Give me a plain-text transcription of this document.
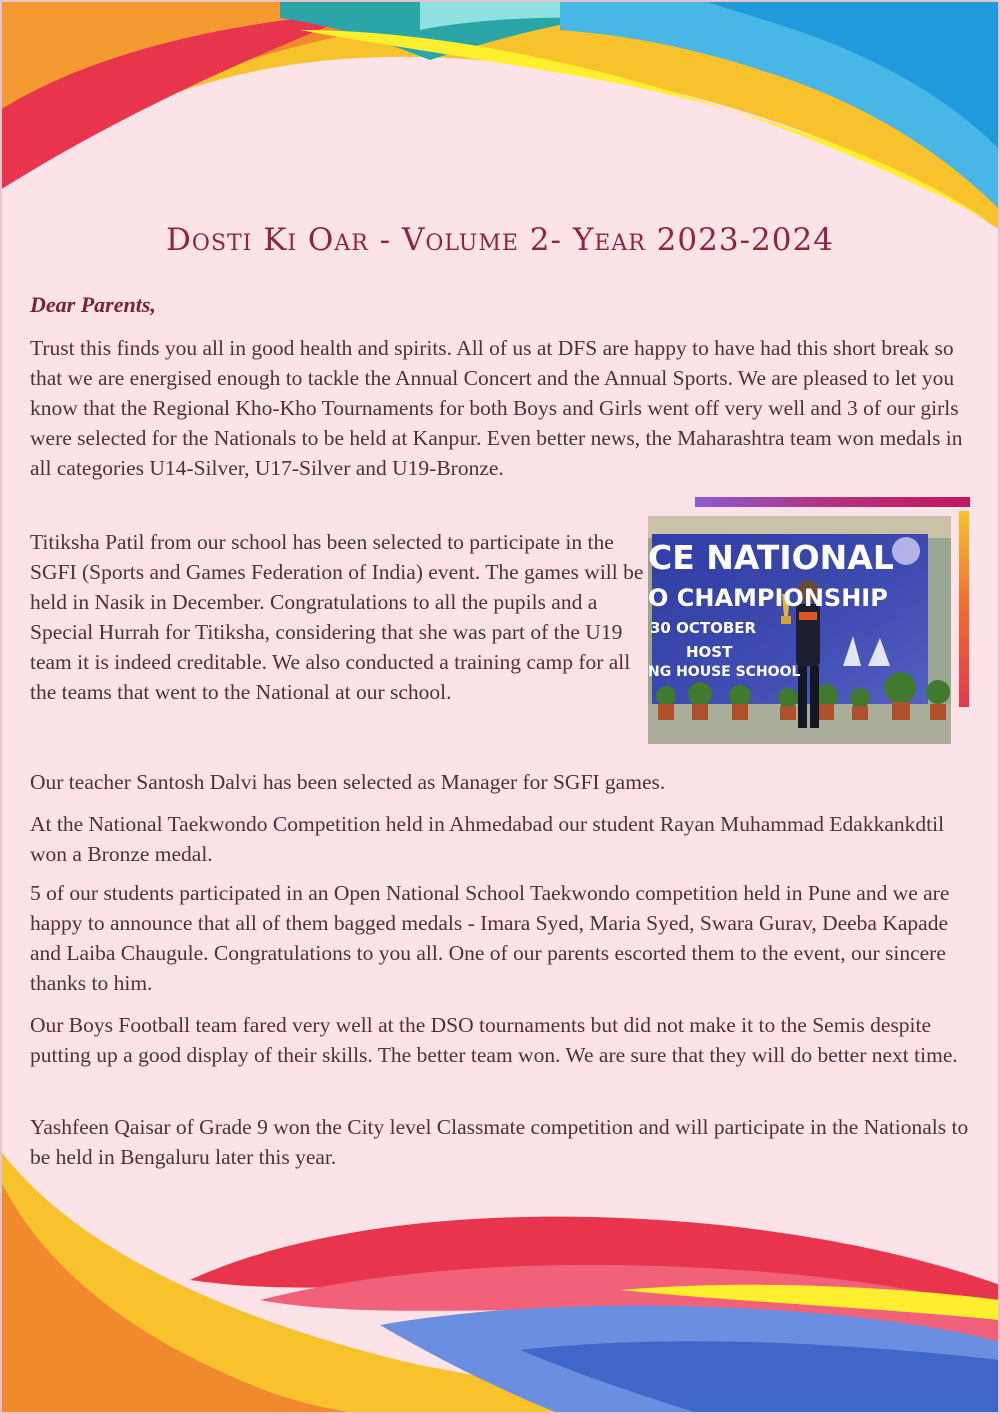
Dosti Ki Oar - Volume 2- Year 2023-2024

Dear Parents,

Trust this finds you all in good health and spirits. All of us at DFS are happy to have had this short break so that we are energised enough to tackle the Annual Concert and the Annual Sports. We are pleased to let you know that the Regional Kho-Kho Tournaments for both Boys and Girls went off very well and 3 of our girls were selected for the Nationals to be held at Kanpur. Even better news, the Maharashtra team won medals in all categories U14-Silver, U17-Silver and U19-Bronze.

Titiksha Patil from our school has been selected to participate in the SGFI (Sports and Games Federation of India) event. The games will be held in Nasik in December. Congratulations to all the pupils and a Special Hurrah for Titiksha, considering that she was part of the U19 team it is indeed creditable. We also conducted a training camp for all the teams that went to the National at our school.

CE NATIONAL
O CHAMPIONSHIP
30 OCTOBER
HOST
NG HOUSE SCHOOL

Our teacher Santosh Dalvi has been selected as Manager for SGFI games.

At the National Taekwondo Competition held in Ahmedabad our student Rayan Muhammad Edakkankdtil won a Bronze medal.

5 of our students participated in an Open National School Taekwondo competition held in Pune and we are happy to announce that all of them bagged medals - Imara Syed, Maria Syed, Swara Gurav, Deeba Kapade and Laiba Chaugule. Congratulations to you all. One of our parents escorted them to the event, our sincere thanks to him.

Our Boys Football team fared very well at the DSO tournaments but did not make it to the Semis despite putting up a good display of their skills. The better team won. We are sure that they will do better next time.

Yashfeen Qaisar of Grade 9 won the City level Classmate competition and will participate in the Nationals to be held in Bengaluru later this year.
